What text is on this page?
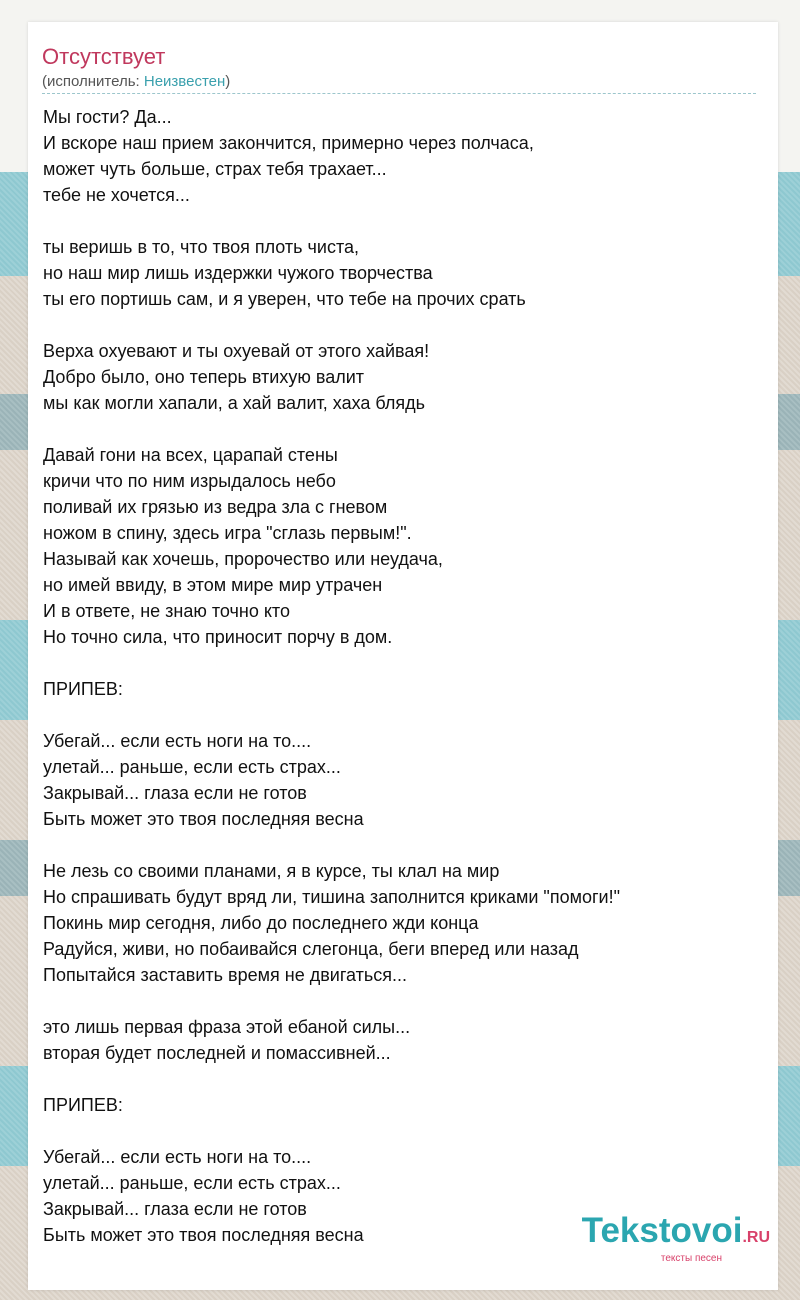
Отсутствует
(исполнитель: Неизвестен)
Мы гости? Да...
И вскоре наш прием закончится, примерно через полчаса,
может чуть больше, страх тебя трахает...
тебе не хочется...

ты веришь в то, что твоя плоть чиста,
но наш мир лишь издержки чужого творчества
ты его портишь сам, и я уверен, что тебе на прочих срать

Верха охуевают и ты охуевай от этого хайвая!
Добро было, оно теперь втихую валит
мы как могли хапали, а хай валит, хаха блядь

Давай гони на всех, царапай стены
кричи что по ним изрыдалось небо
поливай их грязью из ведра зла с гневом
ножом в спину, здесь игра "сглазь первым!".
Называй как хочешь, пророчество или неудача,
но имей ввиду, в этом мире мир утрачен
И в ответе, не знаю точно кто
Но точно сила, что приносит порчу в дом.

ПРИПЕВ:

Убегай... если есть ноги на то....
улетай... раньше, если есть страх...
Закрывай... глаза если не готов
Быть может это твоя последняя весна

Не лезь со своими планами, я в курсе, ты клал на мир
Но спрашивать будут вряд ли, тишина заполнится криками "помоги!"
Покинь мир сегодня, либо до последнего жди конца
Радуйся, живи, но побаивайся слегонца, беги вперед или назад
Попытайся заставить время не двигаться...

это лишь первая фраза этой ебаной силы...
вторая будет последней и помассивней...

ПРИПЕВ:

Убегай... если есть ноги на то....
улетай... раньше, если есть страх...
Закрывай... глаза если не готов
Быть может это твоя последняя весна	Tekstovoi.RU
тексты песен
